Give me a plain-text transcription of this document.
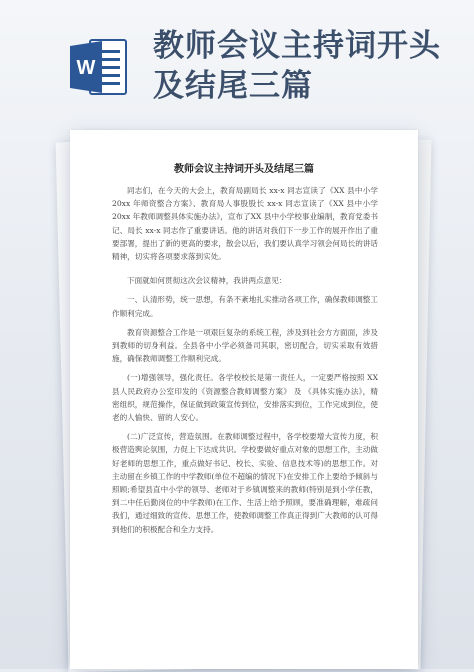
W
教师会议主持词开头及结尾三篇
教师会议主持词开头及结尾三篇

同志们，在今天的大会上，教育局副局长 xx-x 同志宣读了《XX 县中小学 20xx 年师资整合方案》、教育局人事股股长 xx-x 同志宣读了《XX 县中小学 20xx 年教师调整具体实施办法》，宣布了XX 县中小学校事业编制，教育党委书记、局长 xx-x 同志作了重要讲话。他的讲话对我们下一步工作的展开作出了重要部署，提出了新的更高的要求，散会以后，我们要认真学习领会何局长的讲话精神，切实将各项要求落到实处。

下面就如何贯彻这次会议精神，我讲两点意见：

一、认清形势，统一思想，有条不紊地扎实推动各项工作，确保教师调整工作顺利完成。

教育资源整合工作是一项艰巨复杂的系统工程，涉及到社会方方面面，涉及到教师的切身利益。全县各中小学必须备司其职，密切配合，切实采取有效措施，确保教师调整工作顺利完成。

(一)增强领导，强化责任。各学校校长是第一责任人，一定要严格按照 XX 县人民政府办公室印发的《资源整合教师调整方案》 及 《具体实施办法》，精密组织，规范操作，保证做到政策宣传到位，安排落实到位，工作完成到位，使老的人愉快、留的人安心。

(二)广泛宣传，营造氛围。在教师调整过程中，各学校要增大宣传力度，积极营造舆论氛围，力促上下达成共识。学校要做好重点对象的思想工作，主动做好老师的思想工作，重点做好书记、校长、实验、信息技术等)的思想工作。对主动留在乡镇工作的中学教师(单位不超编的情况下)在安排工作上要给予倾斜与照顾;希望县直中小学的领导、老师对于乡镇调整来的教师(特别是到小学任教，到二中任后勤岗位的中学教师)在工作、生活上给予照顾，要准确理解，难疏问我们，通过细致的宣传、思想工作，使教师调整工作真正得到广大教师的认可得到他们的积极配合和全力支持。
